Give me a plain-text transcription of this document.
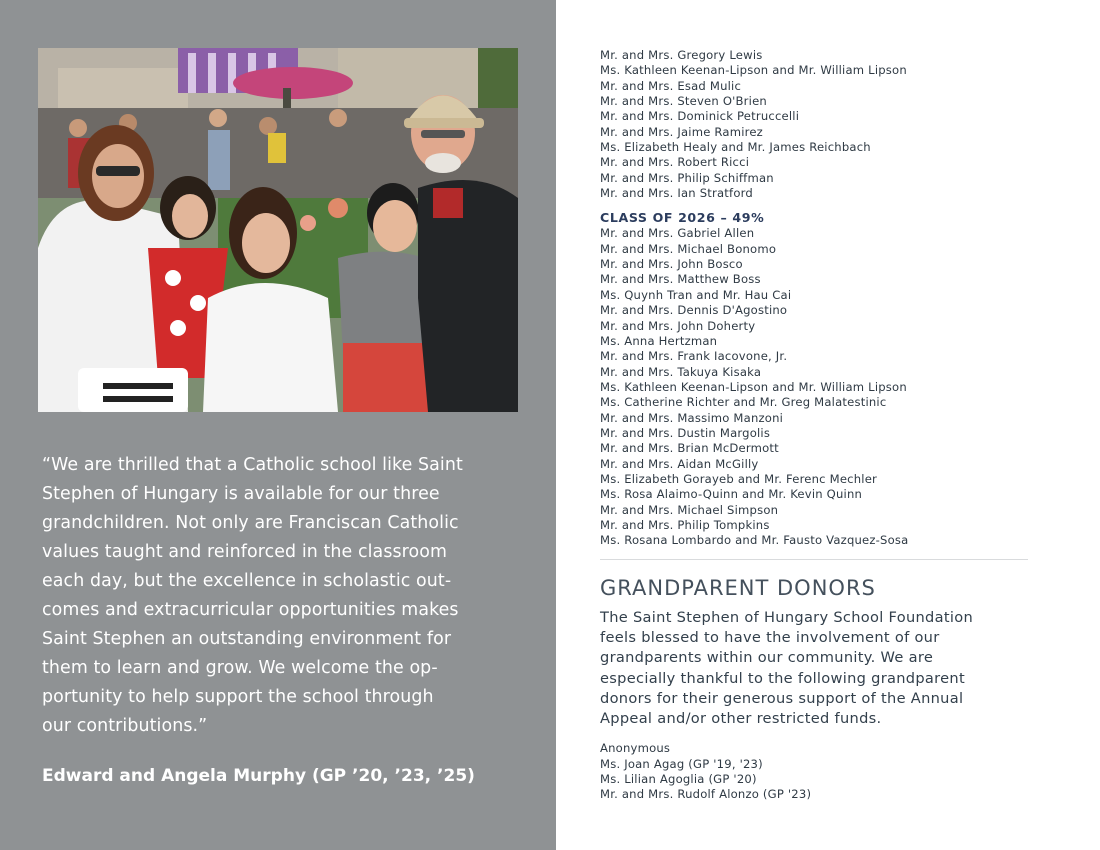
“We are thrilled that a Catholic school like Saint
Stephen of Hungary is available for our three
grandchildren. Not only are Franciscan Catholic
values taught and reinforced in the classroom
each day, but the excellence in scholastic out-
comes and extracurricular opportunities makes
Saint Stephen an outstanding environment for
them to learn and grow. We welcome the op-
portunity to help support the school through
our contributions.”

Edward and Angela Murphy (GP ’20, ’23, ’25)

Mr. and Mrs. Gregory Lewis
Ms. Kathleen Keenan-Lipson and Mr. William Lipson
Mr. and Mrs. Esad Mulic
Mr. and Mrs. Steven O'Brien
Mr. and Mrs. Dominick Petruccelli
Mr. and Mrs. Jaime Ramirez
Ms. Elizabeth Healy and Mr. James Reichbach
Mr. and Mrs. Robert Ricci
Mr. and Mrs. Philip Schiffman
Mr. and Mrs. Ian Stratford
CLASS OF 2026 – 49%
Mr. and Mrs. Gabriel Allen
Mr. and Mrs. Michael Bonomo
Mr. and Mrs. John Bosco
Mr. and Mrs. Matthew Boss
Ms. Quynh Tran and Mr. Hau Cai
Mr. and Mrs. Dennis D'Agostino
Mr. and Mrs. John Doherty
Ms. Anna Hertzman
Mr. and Mrs. Frank Iacovone, Jr.
Mr. and Mrs. Takuya Kisaka
Ms. Kathleen Keenan-Lipson and Mr. William Lipson
Ms. Catherine Richter and Mr. Greg Malatestinic
Mr. and Mrs. Massimo Manzoni
Mr. and Mrs. Dustin Margolis
Mr. and Mrs. Brian McDermott
Mr. and Mrs. Aidan McGilly
Ms. Elizabeth Gorayeb and Mr. Ferenc Mechler
Ms. Rosa Alaimo-Quinn and Mr. Kevin Quinn
Mr. and Mrs. Michael Simpson
Mr. and Mrs. Philip Tompkins
Ms. Rosana Lombardo and Mr. Fausto Vazquez-Sosa
GRANDPARENT DONORS
The Saint Stephen of Hungary School Foundation
feels blessed to have the involvement of our
grandparents within our community. We are
especially thankful to the following grandparent
donors for their generous support of the Annual
Appeal and/or other restricted funds.
Anonymous
Ms. Joan Agag (GP '19, '23)
Ms. Lilian Agoglia (GP '20)
Mr. and Mrs. Rudolf Alonzo (GP '23)
